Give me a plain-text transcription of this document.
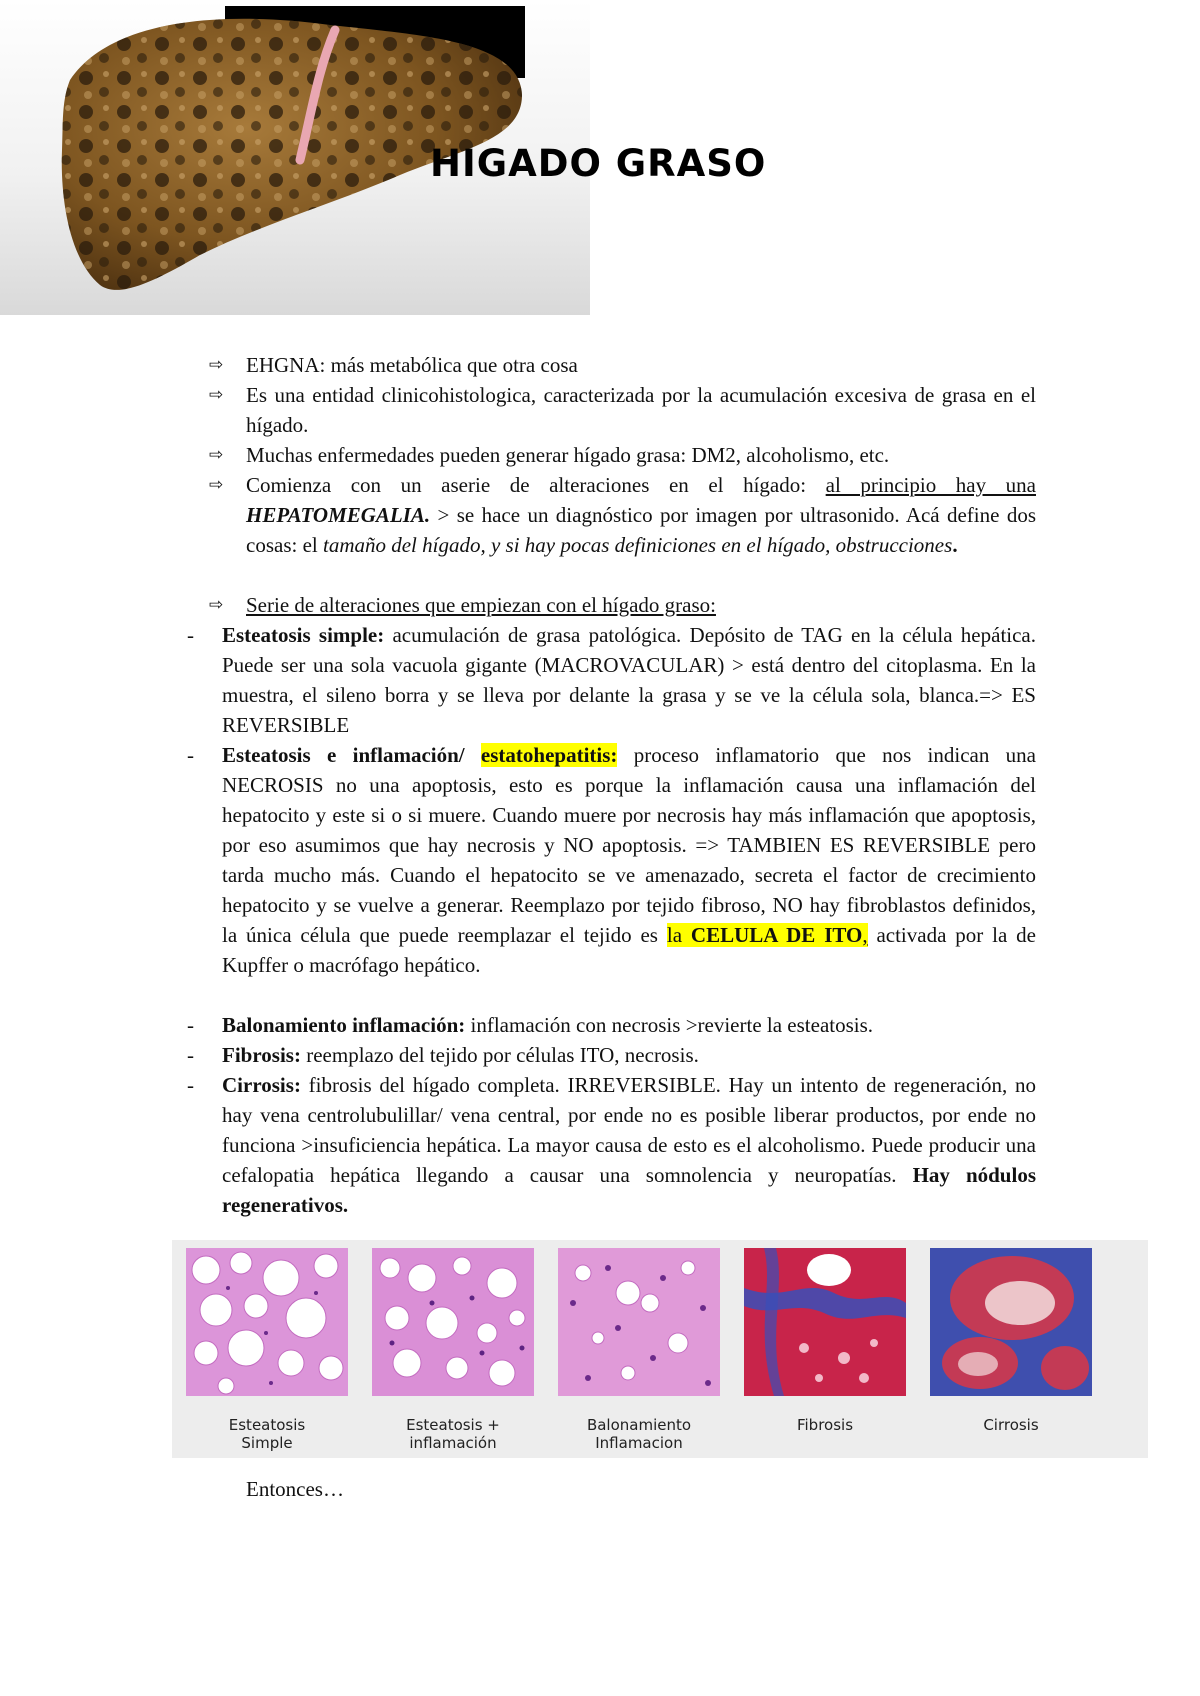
HIGADO GRASO
⇨ EHGNA: más metabólica que otra cosa
⇨ Es una entidad clinicohistologica, caracterizada por la acumulación excesiva de grasa en el hígado.
⇨ Muchas enfermedades pueden generar hígado grasa: DM2, alcoholismo, etc.
⇨ Comienza con un aserie de alteraciones en el hígado: al principio hay una HEPATOMEGALIA. > se hace un diagnóstico por imagen por ultrasonido. Acá define dos cosas: el tamaño del hígado, y si hay pocas definiciones en el hígado, obstrucciones.
⇨ Serie de alteraciones que empiezan con el hígado graso:
- Esteatosis simple: acumulación de grasa patológica. Depósito de TAG en la célula hepática. Puede ser una sola vacuola gigante (MACROVACULAR) > está dentro del citoplasma. En la muestra, el sileno borra y se lleva por delante la grasa y se ve la célula sola, blanca.=> ES REVERSIBLE
- Esteatosis e inflamación/ estatohepatitis: proceso inflamatorio que nos indican una NECROSIS no una apoptosis, esto es porque la inflamación causa una inflamación del hepatocito y este si o si muere. Cuando muere por necrosis hay más inflamación que apoptosis, por eso asumimos que hay necrosis y NO apoptosis. => TAMBIEN ES REVERSIBLE pero tarda mucho más. Cuando el hepatocito se ve amenazado, secreta el factor de crecimiento hepatocito y se vuelve a generar. Reemplazo por tejido fibroso, NO hay fibroblastos definidos, la única célula que puede reemplazar el tejido es la CELULA DE ITO, activada por la de Kupffer o macrófago hepático.
- Balonamiento inflamación: inflamación con necrosis >revierte la esteatosis.
- Fibrosis: reemplazo del tejido por células ITO, necrosis.
- Cirrosis: fibrosis del hígado completa. IRREVERSIBLE. Hay un intento de regeneración, no hay vena centrolubulillar/ vena central, por ende no es posible liberar productos, por ende no funciona >insuficiencia hepática. La mayor causa de esto es el alcoholismo. Puede producir una cefalopatia hepática llegando a causar una somnolencia y neuropatías. Hay nódulos regenerativos.
Esteatosis
Simple
Esteatosis +
inflamación
Balonamiento
Inflamacion
Fibrosis	Cirrosis
Entonces…
